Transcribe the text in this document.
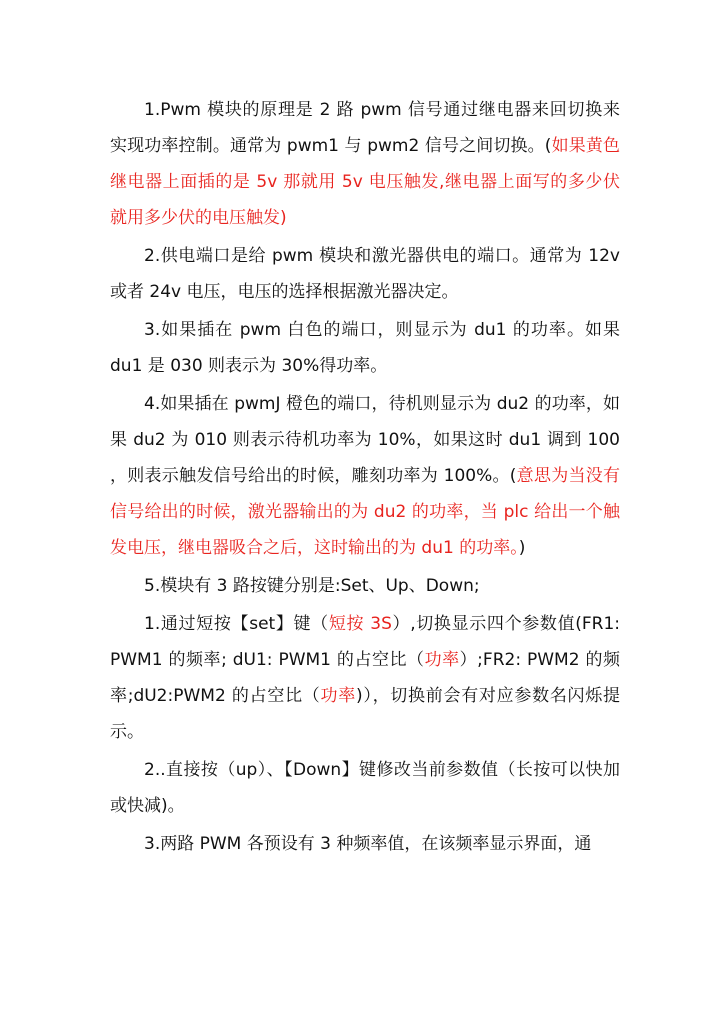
1.Pwm 模块的原理是 2 路 pwm 信号通过继电器来回切换来实现功率控制。通常为 pwm1 与 pwm2 信号之间切换。(如果黄色继电器上面插的是 5v 那就用 5v 电压触发,继电器上面写的多少伏就用多少伏的电压触发)

2.供电端口是给 pwm 模块和激光器供电的端口。通常为 12v 或者 24v 电压，电压的选择根据激光器决定。

3.如果插在 pwm 白色的端口，则显示为 du1 的功率。如果 du1 是 030 则表示为 30%得功率。

4.如果插在 pwmJ 橙色的端口，待机则显示为 du2 的功率，如果 du2 为 010 则表示待机功率为 10%，如果这时 du1 调到 100 ，则表示触发信号给出的时候，雕刻功率为 100%。(意思为当没有信号给出的时候，激光器输出的为 du2 的功率，当 plc 给出一个触发电压，继电器吸合之后，这时输出的为 du1 的功率。)

5.模块有 3 路按键分别是:Set、Up、Down;

1.通过短按【set】键（短按 3S）,切换显示四个参数值(FR1: PWM1 的频率; dU1: PWM1 的占空比（功率）;FR2: PWM2 的频率;dU2:PWM2 的占空比（功率)），切换前会有对应参数名闪烁提示。

2..直接按（up）、【Down】键修改当前参数值（长按可以快加或快减)。

3.两路 PWM 各预设有 3 种频率值，在该频率显示界面，通
